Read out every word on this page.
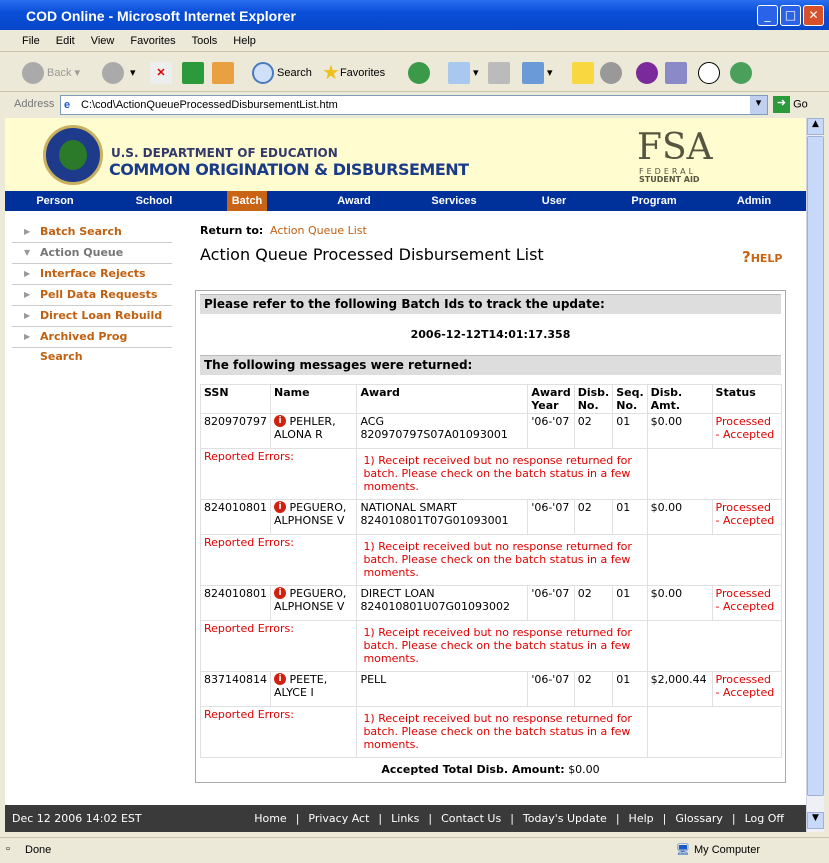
COD Online - Microsoft Internet Explorer	_	□	✕
File Edit View Favorites Tools Help
Back ▾	▾	✕	Search ★Favorites	▾	▾
Address e C:\cod\ActionQueueProcessedDisbursementList.htm	▾	➜ Go
U.S. DEPARTMENT OF EDUCATION
COMMON ORIGINATION & DISBURSEMENT
FSA
FEDERAL
STUDENT AID
Person	School	Batch	Award	Services	User	Program	Admin
▶ Batch Search
▼ Action Queue
▶ Interface Rejects
▶ Pell Data Requests
▶ Direct Loan Rebuild
▶ Archived Prog Search
Return to: Action Queue List
Action Queue Processed Disbursement List	?HELP
Please refer to the following Batch Ids to track the update:
2006-12-12T14:01:17.358
The following messages were returned:
SSN	Name	Award	Award Year	Disb. No.	Seq. No.	Disb. Amt.	Status
820970797	i PEHLER, ALONA R	ACG
820970797S07A01093001	'06-'07	02	01	$0.00	Processed - Accepted
Reported Errors:		1) Receipt received but no response returned for batch. Please check on the batch status in a few moments.					
824010801	i PEGUERO, ALPHONSE V	NATIONAL SMART
824010801T07G01093001	'06-'07	02	01	$0.00	Processed - Accepted
Reported Errors:		1) Receipt received but no response returned for batch. Please check on the batch status in a few moments.					
824010801	i PEGUERO, ALPHONSE V	DIRECT LOAN
824010801U07G01093002	'06-'07	02	01	$0.00	Processed - Accepted
Reported Errors:		1) Receipt received but no response returned for batch. Please check on the batch status in a few moments.					
837140814	i PEETE, ALYCE I	PELL	'06-'07	02	01	$2,000.44	Processed - Accepted
Reported Errors:		1) Receipt received but no response returned for batch. Please check on the batch status in a few moments.					
Accepted Total Disb. Amount: $0.00
Dec 12 2006 14:02 EST	Home | Privacy Act | Links | Contact Us | Today's Update | Help | Glossary | Log Off
▲
▼
▫ Done	🖥 My Computer
